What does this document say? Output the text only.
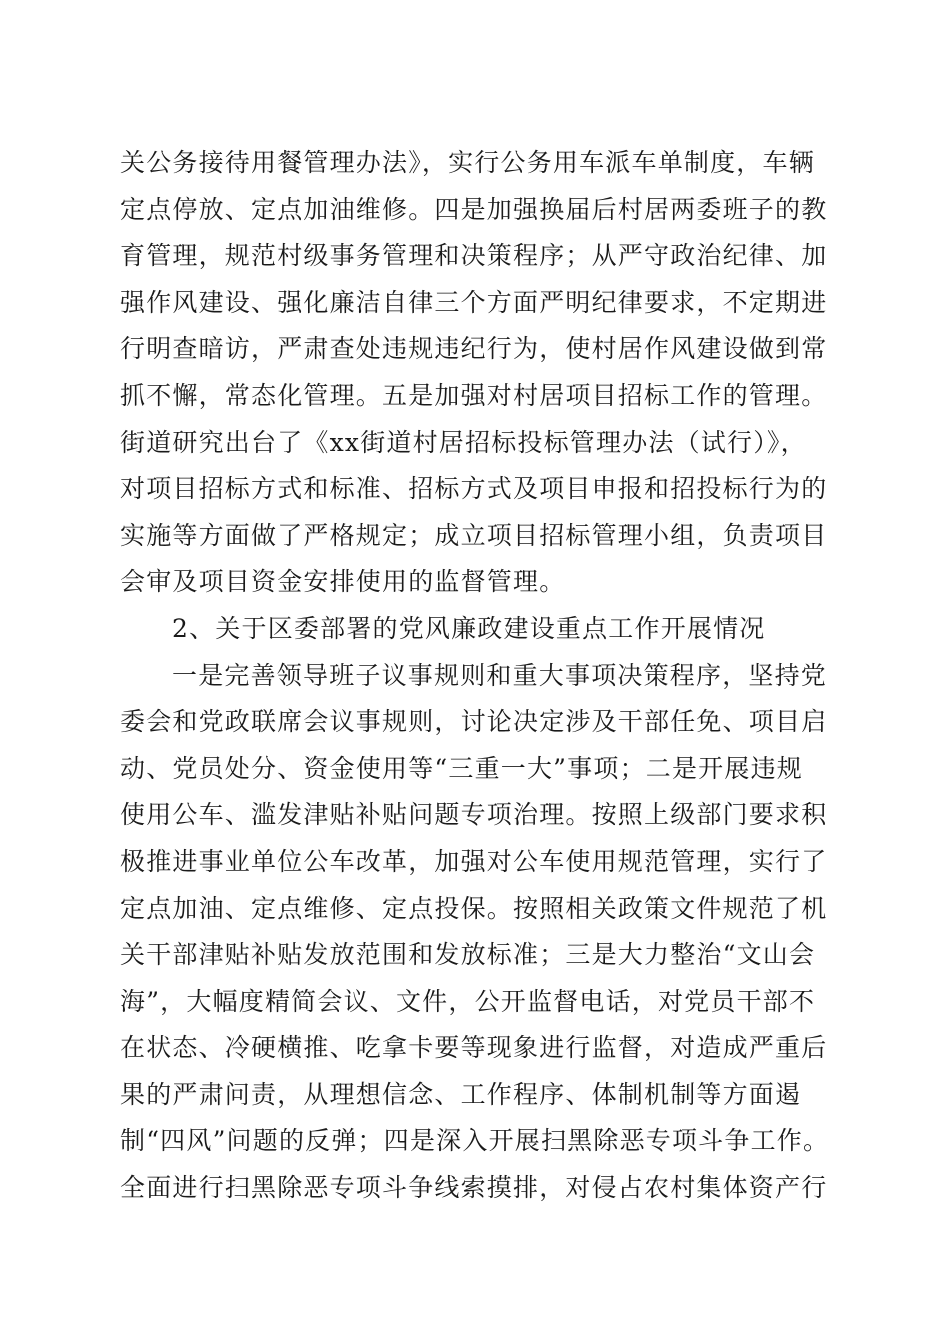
关公务接待用餐管理办法》，实行公务用车派车单制度，车辆
定点停放、定点加油维修。四是加强换届后村居两委班子的教
育管理，规范村级事务管理和决策程序；从严守政治纪律、加
强作风建设、强化廉洁自律三个方面严明纪律要求，不定期进
行明查暗访，严肃查处违规违纪行为，使村居作风建设做到常
抓不懈，常态化管理。五是加强对村居项目招标工作的管理。
街道研究出台了《xx街道村居招标投标管理办法（试行）》，
对项目招标方式和标准、招标方式及项目申报和招投标行为的
实施等方面做了严格规定；成立项目招标管理小组，负责项目
会审及项目资金安排使用的监督管理。
2、关于区委部署的党风廉政建设重点工作开展情况
一是完善领导班子议事规则和重大事项决策程序，坚持党
委会和党政联席会议事规则，讨论决定涉及干部任免、项目启
动、党员处分、资金使用等“三重一大”事项；二是开展违规
使用公车、滥发津贴补贴问题专项治理。按照上级部门要求积
极推进事业单位公车改革，加强对公车使用规范管理，实行了
定点加油、定点维修、定点投保。按照相关政策文件规范了机
关干部津贴补贴发放范围和发放标准；三是大力整治“文山会
海”，大幅度精简会议、文件，公开监督电话，对党员干部不
在状态、冷硬横推、吃拿卡要等现象进行监督，对造成严重后
果的严肃问责，从理想信念、工作程序、体制机制等方面遏
制“四风”问题的反弹；四是深入开展扫黑除恶专项斗争工作。
全面进行扫黑除恶专项斗争线索摸排，对侵占农村集体资产行
